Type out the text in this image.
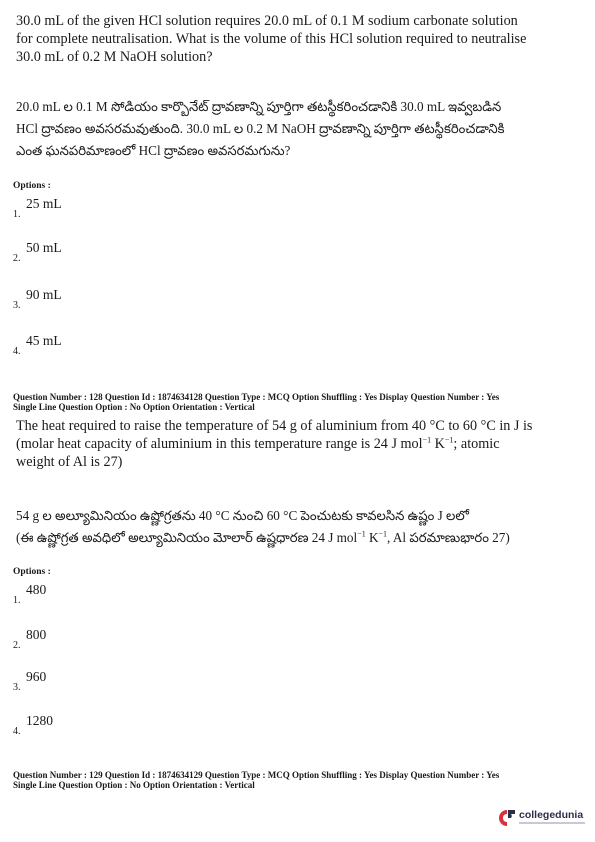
30.0 mL of the given HCl solution requires 20.0 mL of 0.1 M sodium carbonate solution
for complete neutralisation. What is the volume of this HCl solution required to neutralise
30.0 mL of 0.2 M NaOH solution?
20.0 mL ల 0.1 M సోడియం కార్బొనేట్ ద్రావణాన్ని పూర్తిగా తటస్థీకరించడానికి 30.0 mL ఇవ్వబడిన
HCl ద్రావణం అవసరమవుతుంది. 30.0 mL ల 0.2 M NaOH ద్రావణాన్ని పూర్తిగా తటస్థీకరించడానికి
ఎంత ఘనపరిమాణంలో HCl ద్రావణం అవసరమగును?
Options :
25 mL
1.
50 mL
2.
90 mL
3.
45 mL
4.
Question Number : 128 Question Id : 1874634128 Question Type : MCQ Option Shuffling : Yes Display Question Number : Yes
Single Line Question Option : No Option Orientation : Vertical
The heat required to raise the temperature of 54 g of aluminium from 40 °C to 60 °C in J is
(molar heat capacity of aluminium in this temperature range is 24 J mol$^{-1}$ $K^{-1}$; atomic
weight of Al is 27)
54 g ల అల్యూమినియం ఉష్ణోగ్రతను 40 °C నుంచి 60 °C పెంచుటకు కావలసిన ఉష్ణం J లలో
(ఈ ఉష్ణోగ్రత అవధిలో అల్యూమినియం మోలార్ ఉష్ణధారణ 24 J mol$^{-1}$ $K^{-1}$, Al పరమాణుభారం 27)
Options :
480
1.
800
2.
960
3.
1280
4.
Question Number : 129 Question Id : 1874634129 Question Type : MCQ Option Shuffling : Yes Display Question Number : Yes
Single Line Question Option : No Option Orientation : Vertical
collegedunia
